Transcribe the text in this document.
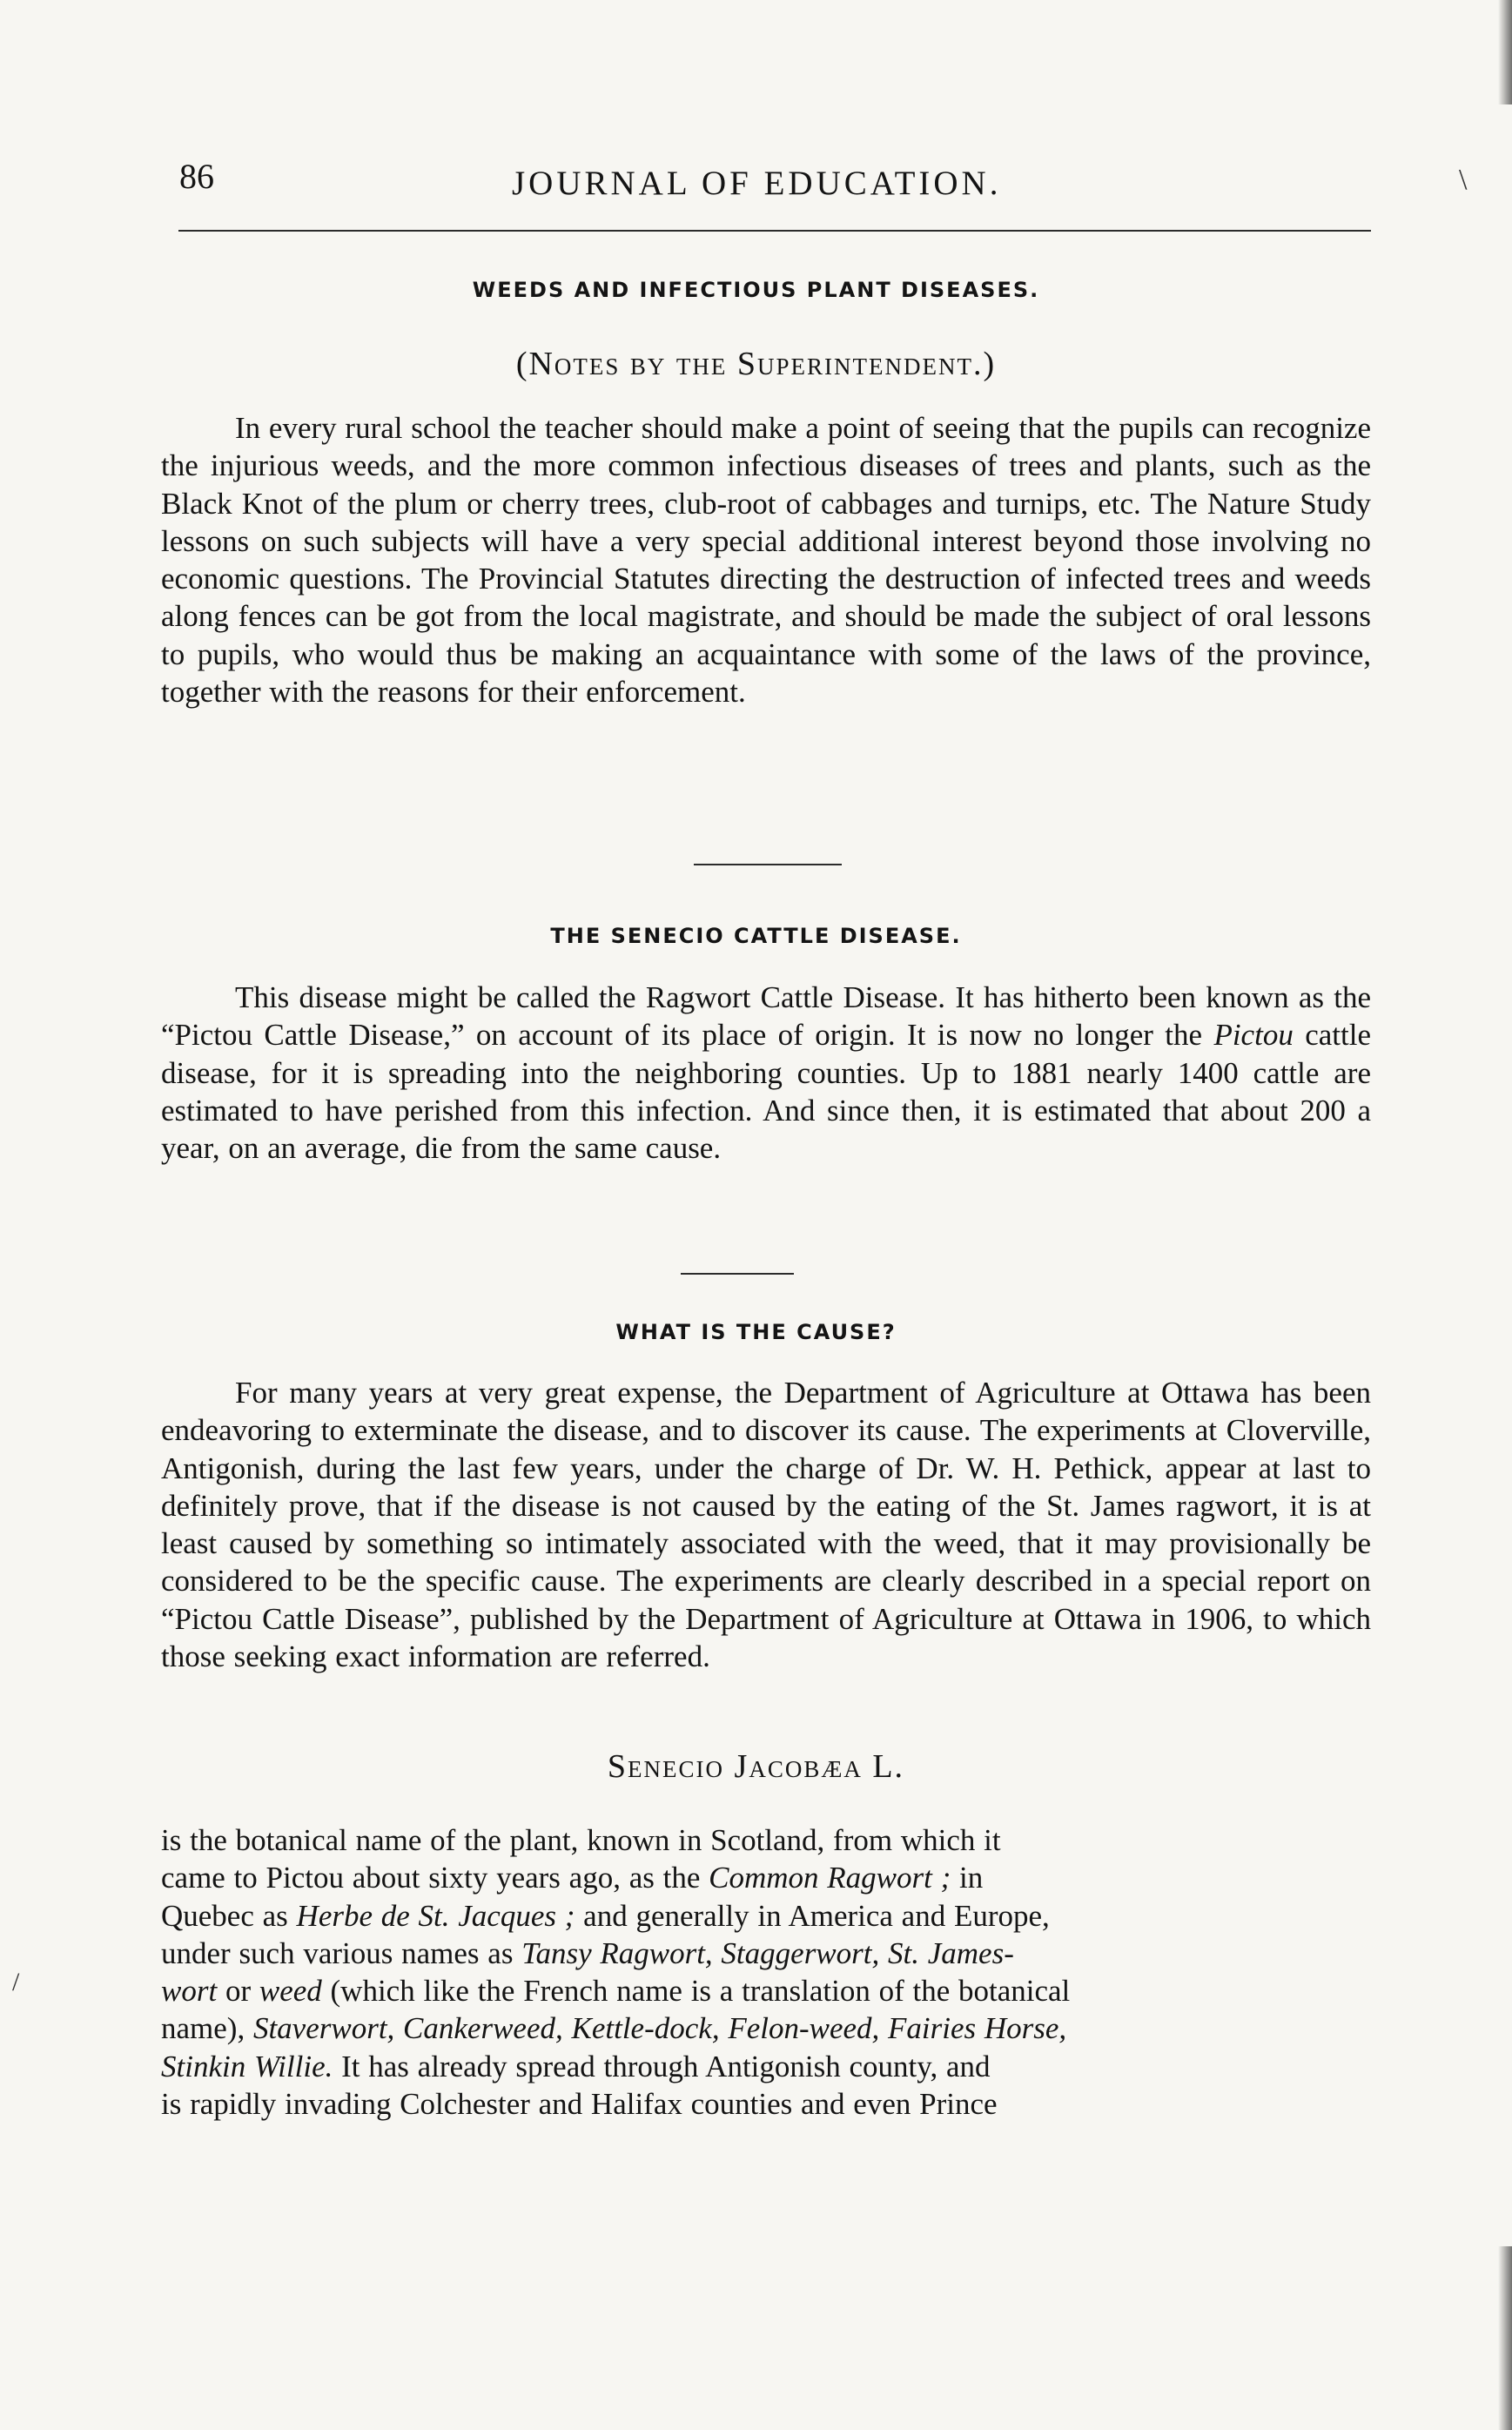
86	JOURNAL OF EDUCATION.
WEEDS AND INFECTIOUS PLANT DISEASES.
(Notes by the Superintendent.)

In every rural school the teacher should make a point of seeing that the pupils can recognize the injurious weeds, and the more common infectious diseases of trees and plants, such as the Black Knot of the plum or cherry trees, club-root of cabbages and turnips, etc. The Nature Study lessons on such subjects will have a very special additional interest beyond those involving no economic questions. The Provincial Statutes directing the destruction of infected trees and weeds along fences can be got from the local magistrate, and should be made the subject of oral lessons to pupils, who would thus be making an acquaintance with some of the laws of the province, together with the reasons for their enforcement.

THE SENECIO CATTLE DISEASE.

This disease might be called the Ragwort Cattle Disease. It has hitherto been known as the “Pictou Cattle Disease,” on account of its place of origin. It is now no longer the Pictou cattle disease, for it is spreading into the neighboring counties. Up to 1881 nearly 1400 cattle are estimated to have perished from this infection. And since then, it is estimated that about 200 a year, on an average, die from the same cause.

WHAT IS THE CAUSE?

For many years at very great expense, the Department of Agriculture at Ottawa has been endeavoring to exterminate the disease, and to discover its cause. The experiments at Cloverville, Antigonish, during the last few years, under the charge of Dr. W. H. Pethick, appear at last to definitely prove, that if the disease is not caused by the eating of the St. James ragwort, it is at least caused by something so intimately associated with the weed, that it may provisionally be considered to be the specific cause. The experiments are clearly described in a special report on “Pictou Cattle Disease”, published by the Department of Agriculture at Ottawa in 1906, to which those seeking exact information are referred.

Senecio Jacobæa L.
is the botanical name of the plant, known in Scotland, from which it
came to Pictou about sixty years ago, as the Common Ragwort ; in
Quebec as Herbe de St. Jacques ; and generally in America and Europe,
under such various names as Tansy Ragwort, Staggerwort, St. James-
wort or weed (which like the French name is a translation of the botanical
name), Staverwort, Cankerweed, Kettle-dock, Felon-weed, Fairies Horse,
Stinkin Willie. It has already spread through Antigonish county, and
is rapidly invading Colchester and Halifax counties and even Prince
/
\
